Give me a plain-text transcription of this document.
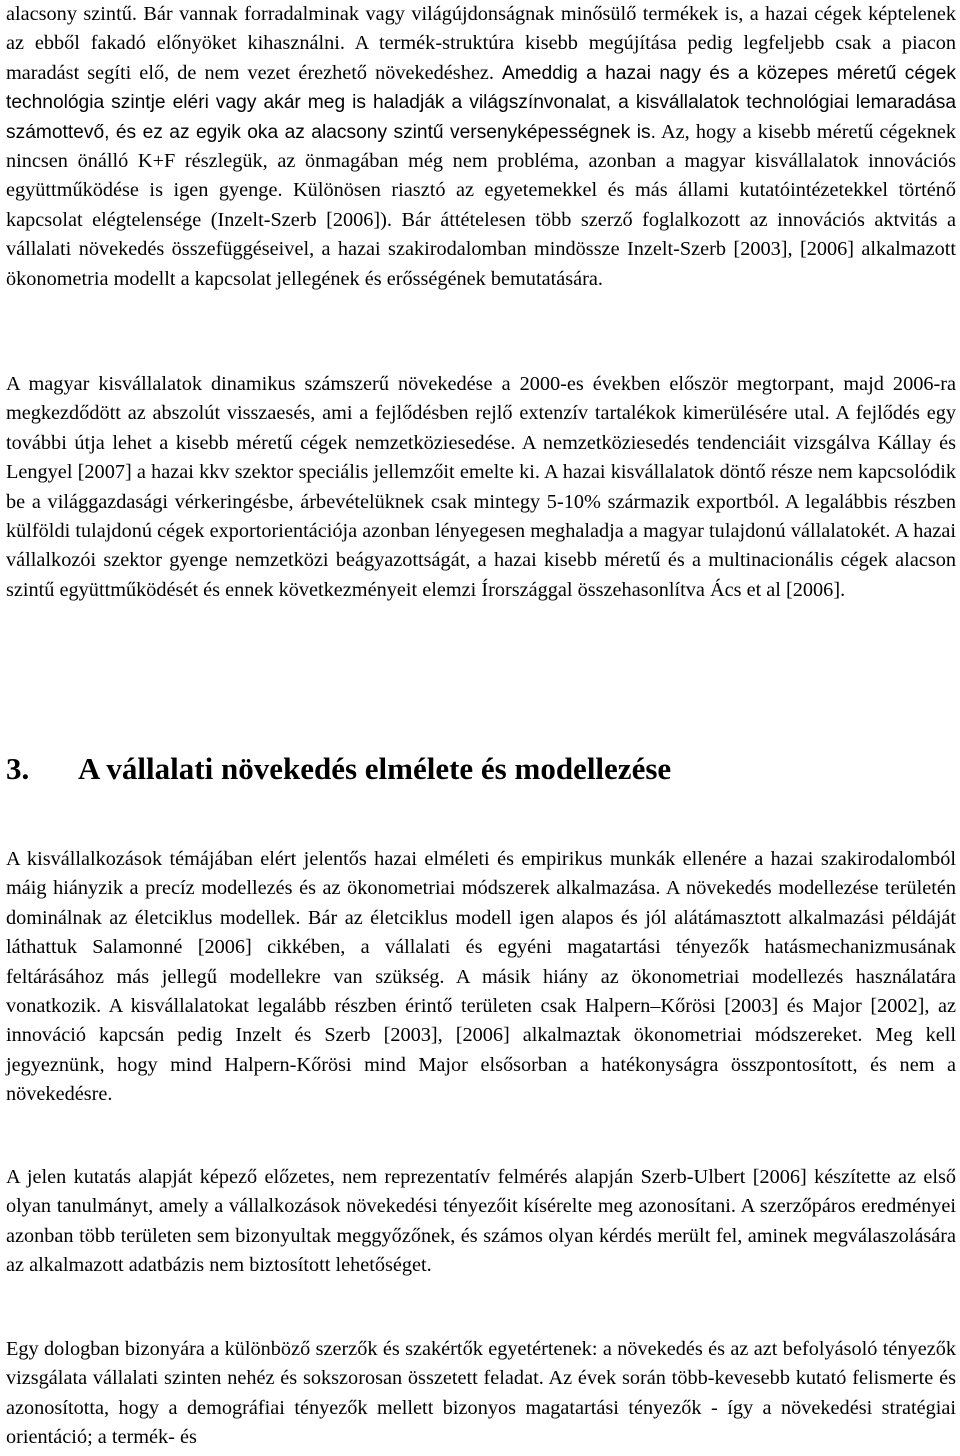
alacsony szintű. Bár vannak forradalminak vagy világújdonságnak minősülő termékek is, a hazai cégek képtelenek az ebből fakadó előnyöket kihasználni. A termék-struktúra kisebb megújítása pedig legfeljebb csak a piacon maradást segíti elő, de nem vezet érezhető növekedéshez. Ameddig a hazai nagy és a közepes méretű cégek technológia szintje eléri vagy akár meg is haladják a világszínvonalat, a kisvállalatok technológiai lemaradása számottevő, és ez az egyik oka az alacsony szintű versenyképességnek is. Az, hogy a kisebb méretű cégeknek nincsen önálló K+F részlegük, az önmagában még nem probléma, azonban a magyar kisvállalatok innovációs együttműködése is igen gyenge. Különösen riasztó az egyetemekkel és más állami kutatóintézetekkel történő kapcsolat elégtelensége (Inzelt-Szerb [2006]). Bár áttételesen több szerző foglalkozott az innovációs aktvitás a vállalati növekedés összefüggéseivel, a hazai szakirodalomban mindössze Inzelt-Szerb [2003], [2006] alkalmazott ökonometria modellt a kapcsolat jellegének és erősségének bemutatására.

A magyar kisvállalatok dinamikus számszerű növekedése a 2000-es években először megtorpant, majd 2006-ra megkezdődött az abszolút visszaesés, ami a fejlődésben rejlő extenzív tartalékok kimerülésére utal. A fejlődés egy további útja lehet a kisebb méretű cégek nemzetköziesedése. A nemzetköziesedés tendenciáit vizsgálva Kállay és Lengyel [2007] a hazai kkv szektor speciális jellemzőit emelte ki. A hazai kisvállalatok döntő része nem kapcsolódik be a világgazdasági vérkeringésbe, árbevételüknek csak mintegy 5-10% származik exportból. A legalábbis részben külföldi tulajdonú cégek exportorientációja azonban lényegesen meghaladja a magyar tulajdonú vállalatokét. A hazai vállalkozói szektor gyenge nemzetközi beágyazottságát, a hazai kisebb méretű és a multinacionális cégek alacson szintű együttműködését és ennek következményeit elemzi Írországgal összehasonlítva Ács et al [2006].

3. A vállalati növekedés elmélete és modellezése

A kisvállalkozások témájában elért jelentős hazai elméleti és empirikus munkák ellenére a hazai szakirodalomból máig hiányzik a precíz modellezés és az ökonometriai módszerek alkalmazása. A növekedés modellezése területén dominálnak az életciklus modellek. Bár az életciklus modell igen alapos és jól alátámasztott alkalmazási példáját láthattuk Salamonné [2006] cikkében, a vállalati és egyéni magatartási tényezők hatásmechanizmusának feltárásához más jellegű modellekre van szükség. A másik hiány az ökonometriai modellezés használatára vonatkozik. A kisvállalatokat legalább részben érintő területen csak Halpern–Kőrösi [2003] és Major [2002], az innováció kapcsán pedig Inzelt és Szerb [2003], [2006] alkalmaztak ökonometriai módszereket. Meg kell jegyeznünk, hogy mind Halpern-Kőrösi mind Major elsősorban a hatékonyságra összpontosított, és nem a növekedésre.

A jelen kutatás alapját képező előzetes, nem reprezentatív felmérés alapján Szerb-Ulbert [2006] készítette az első olyan tanulmányt, amely a vállalkozások növekedési tényezőit kísérelte meg azonosítani. A szerzőpáros eredményei azonban több területen sem bizonyultak meggyőzőnek, és számos olyan kérdés merült fel, aminek megválaszolására az alkalmazott adatbázis nem biztosított lehetőséget.

Egy dologban bizonyára a különböző szerzők és szakértők egyetértenek: a növekedés és az azt befolyásoló tényezők vizsgálata vállalati szinten nehéz és sokszorosan összetett feladat. Az évek során több-kevesebb kutató felismerte és azonosította, hogy a demográfiai tényezők mellett bizonyos magatartási tényezők - így a növekedési stratégiai orientáció; a termék- és
